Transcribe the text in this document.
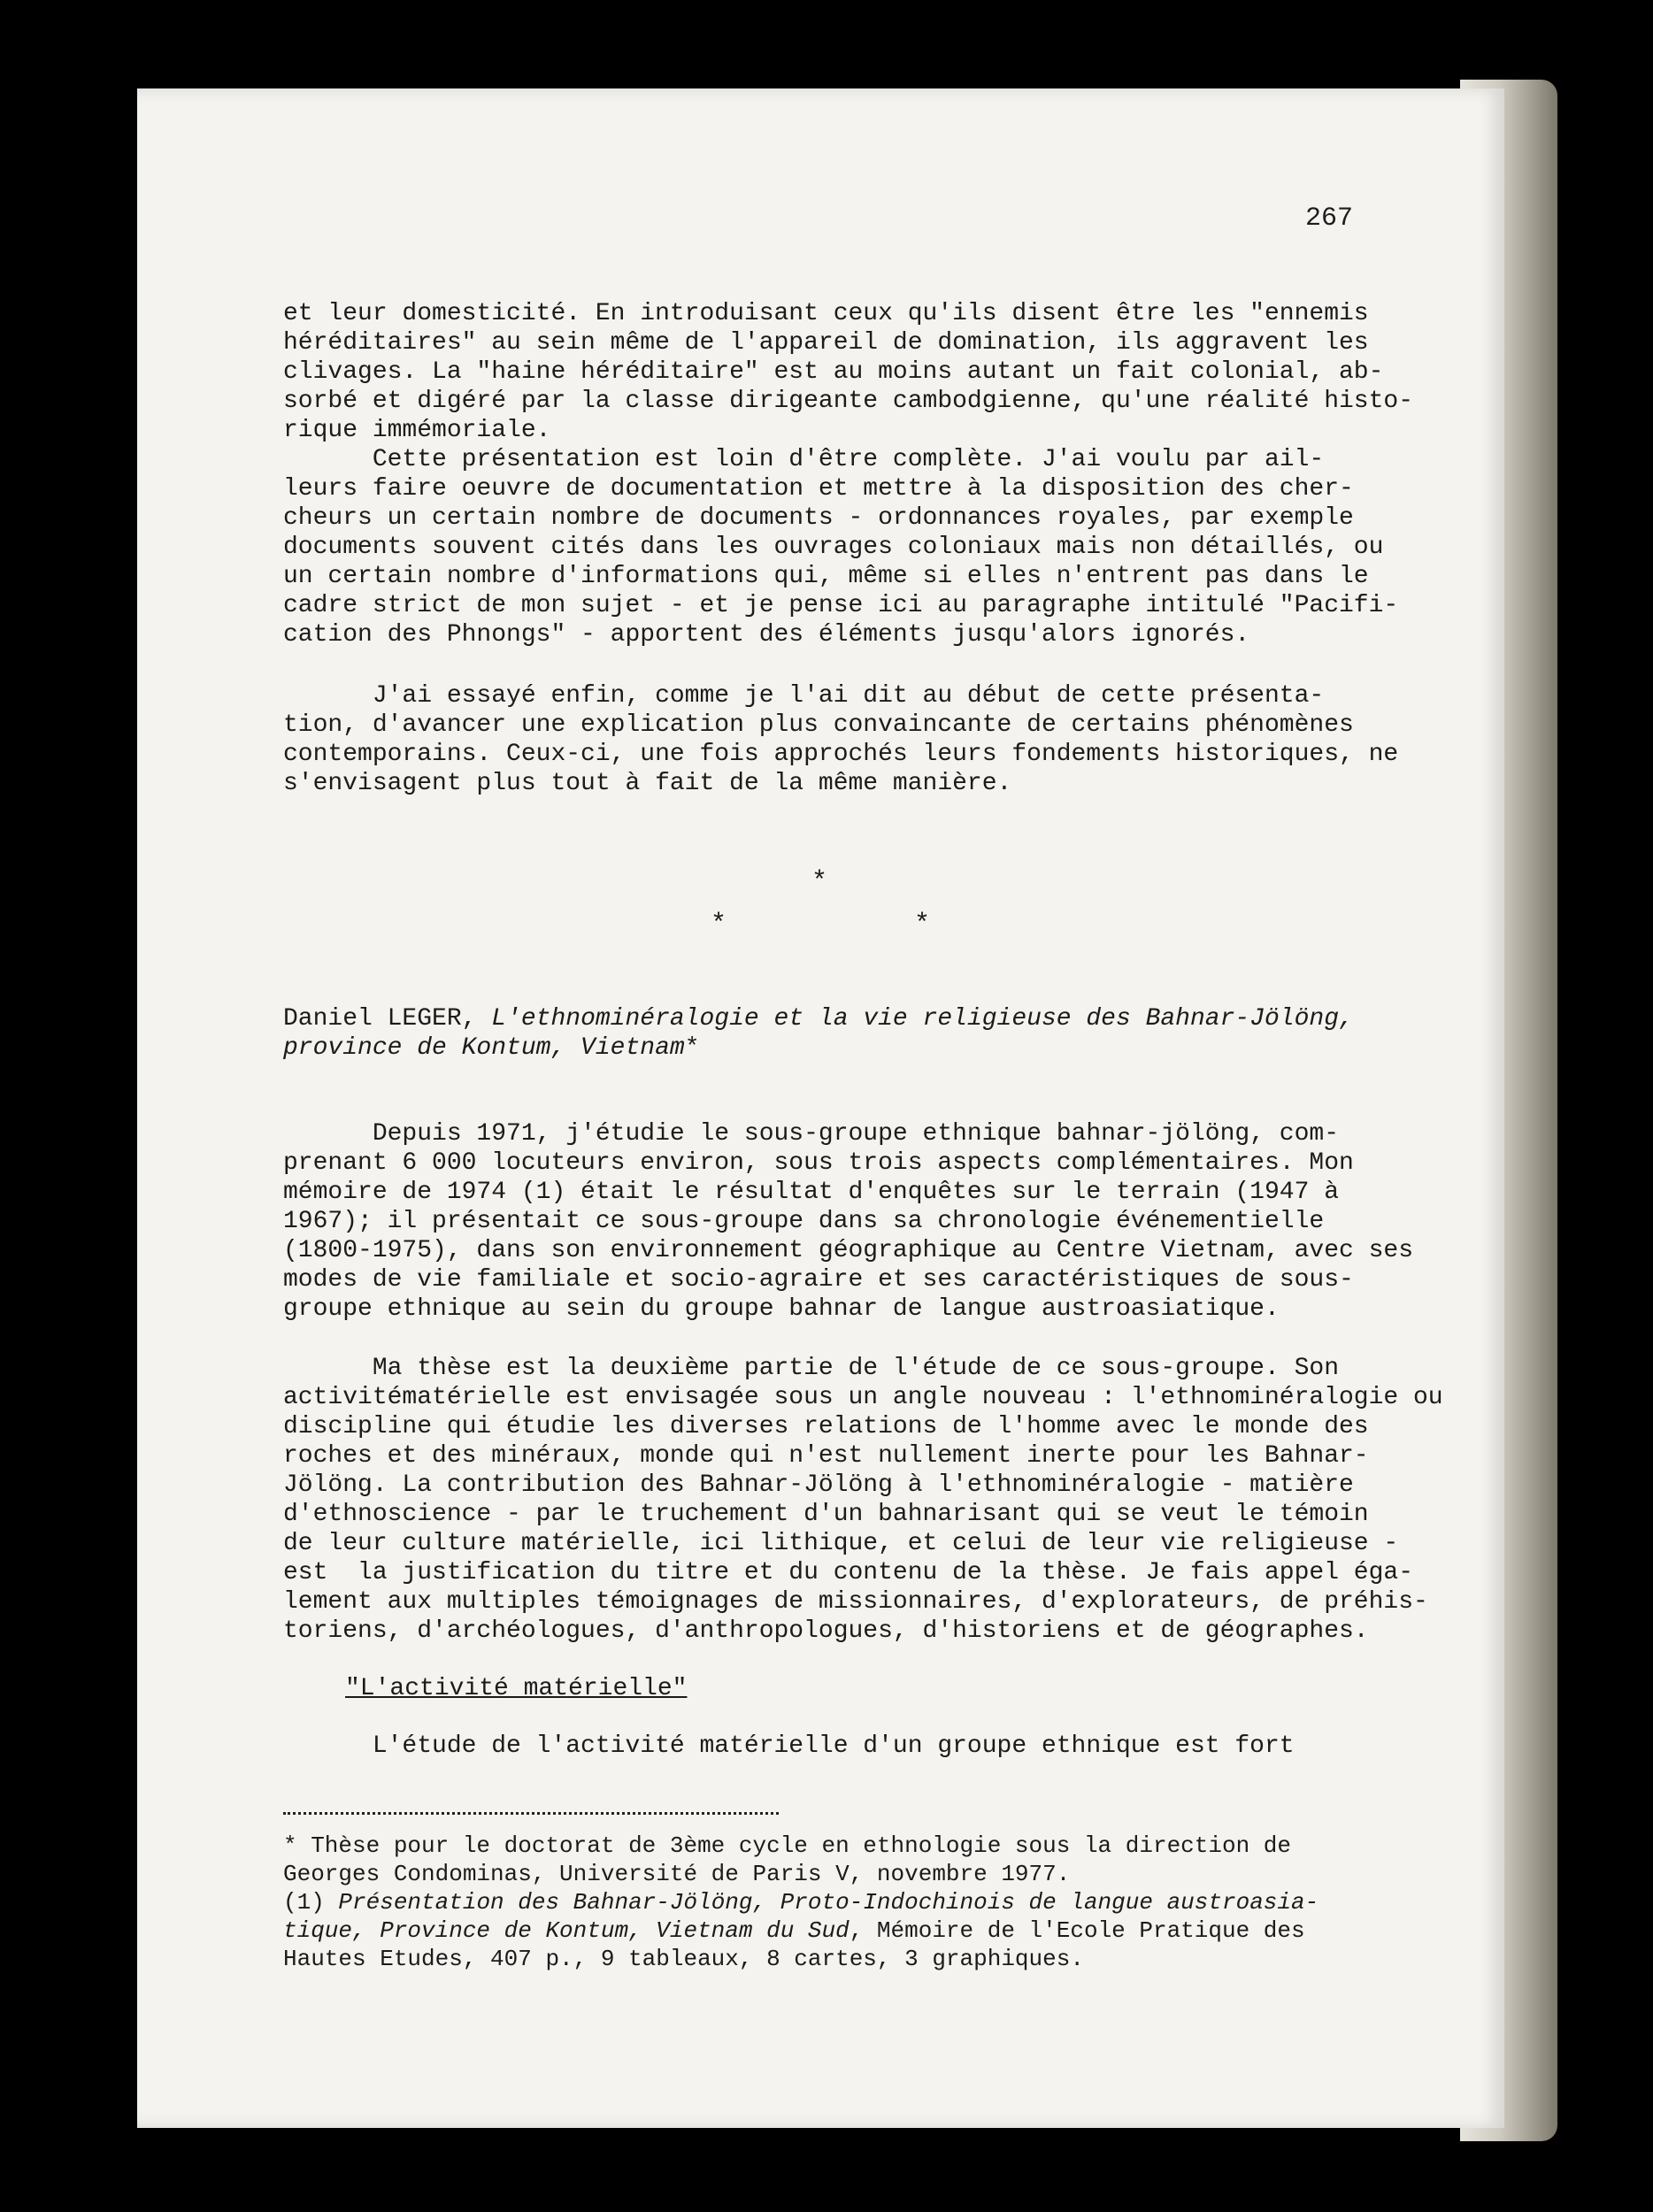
267

et leur domesticité. En introduisant ceux qu'ils disent être les "ennemis

héréditaires" au sein même de l'appareil de domination, ils aggravent les

clivages. La "haine héréditaire" est au moins autant un fait colonial, ab-

sorbé et digéré par la classe dirigeante cambodgienne, qu'une réalité histo-

rique immémoriale.

Cette présentation est loin d'être complète. J'ai voulu par ail-

leurs faire oeuvre de documentation et mettre à la disposition des cher-

cheurs un certain nombre de documents - ordonnances royales, par exemple

documents souvent cités dans les ouvrages coloniaux mais non détaillés, ou

un certain nombre d'informations qui, même si elles n'entrent pas dans le

cadre strict de mon sujet - et je pense ici au paragraphe intitulé "Pacifi-

cation des Phnongs" - apportent des éléments jusqu'alors ignorés.

J'ai essayé enfin, comme je l'ai dit au début de cette présenta-

tion, d'avancer une explication plus convaincante de certains phénomènes

contemporains. Ceux-ci, une fois approchés leurs fondements historiques, ne

s'envisagent plus tout à fait de la même manière.

*
*	*

Daniel LEGER, L'ethnominéralogie et la vie religieuse des Bahnar-Jölöng,

province de Kontum, Vietnam*

Depuis 1971, j'étudie le sous-groupe ethnique bahnar-jölöng, com-

prenant 6 000 locuteurs environ, sous trois aspects complémentaires. Mon

mémoire de 1974 (1) était le résultat d'enquêtes sur le terrain (1947 à

1967); il présentait ce sous-groupe dans sa chronologie événementielle

(1800-1975), dans son environnement géographique au Centre Vietnam, avec ses

modes de vie familiale et socio-agraire et ses caractéristiques de sous-

groupe ethnique au sein du groupe bahnar de langue austroasiatique.

Ma thèse est la deuxième partie de l'étude de ce sous-groupe. Son

activitématérielle est envisagée sous un angle nouveau : l'ethnominéralogie ou

discipline qui étudie les diverses relations de l'homme avec le monde des

roches et des minéraux, monde qui n'est nullement inerte pour les Bahnar-

Jölöng. La contribution des Bahnar-Jölöng à l'ethnominéralogie - matière

d'ethnoscience - par le truchement d'un bahnarisant qui se veut le témoin

de leur culture matérielle, ici lithique, et celui de leur vie religieuse -

est  la justification du titre et du contenu de la thèse. Je fais appel éga-

lement aux multiples témoignages de missionnaires, d'explorateurs, de préhis-

toriens, d'archéologues, d'anthropologues, d'historiens et de géographes.

"L'activité matérielle"

L'étude de l'activité matérielle d'un groupe ethnique est fort

* Thèse pour le doctorat de 3ème cycle en ethnologie sous la direction de

Georges Condominas, Université de Paris V, novembre 1977.

(1) Présentation des Bahnar-Jölöng, Proto-Indochinois de langue austroasia-

tique, Province de Kontum, Vietnam du Sud, Mémoire de l'Ecole Pratique des

Hautes Etudes, 407 p., 9 tableaux, 8 cartes, 3 graphiques.
